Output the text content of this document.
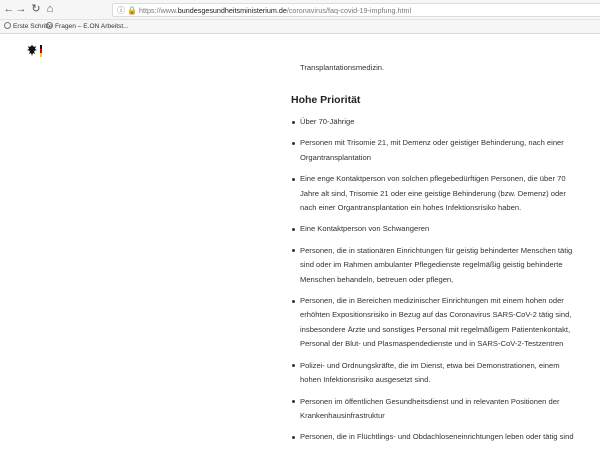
← → ↻ ⌂	ⓘ 🔒 https://www.bundesgesundheitsministerium.de/coronavirus/faq-covid-19-impfung.html
Erste Schritte Fragen – E.ON Arbeitst...

Transplantationsmedizin.

Hohe Priorität
Über 70-Jährige
Personen mit Trisomie 21, mit Demenz oder geistiger Behinderung, nach einer Organtransplantation
Eine enge Kontaktperson von solchen pflegebedürftigen Personen, die über 70 Jahre alt sind, Trisomie 21 oder eine geistige Behinderung (bzw. Demenz) oder nach einer Organtransplantation ein hohes Infektionsrisiko haben.
Eine Kontaktperson von Schwangeren
Personen, die in stationären Einrichtungen für geistig behinderter Menschen tätig sind oder im Rahmen ambulanter Pflegedienste regelmäßig geistig behinderte Menschen behandeln, betreuen oder pflegen,
Personen, die in Bereichen medizinischer Einrichtungen mit einem hohen oder erhöhten Expositionsrisiko in Bezug auf das Coronavirus SARS-CoV-2 tätig sind, insbesondere Ärzte und sonstiges Personal mit regelmäßigem Patientenkontakt, Personal der Blut- und Plasmaspendedienste und in SARS-CoV-2-Testzentren
Polizei- und Ordnungskräfte, die im Dienst, etwa bei Demonstrationen, einem hohen Infektionsrisiko ausgesetzt sind.
Personen im öffentlichen Gesundheitsdienst und in relevanten Positionen der Krankenhausinfrastruktur
Personen, die in Flüchtlings- und Obdachloseneinrichtungen leben oder tätig sind
